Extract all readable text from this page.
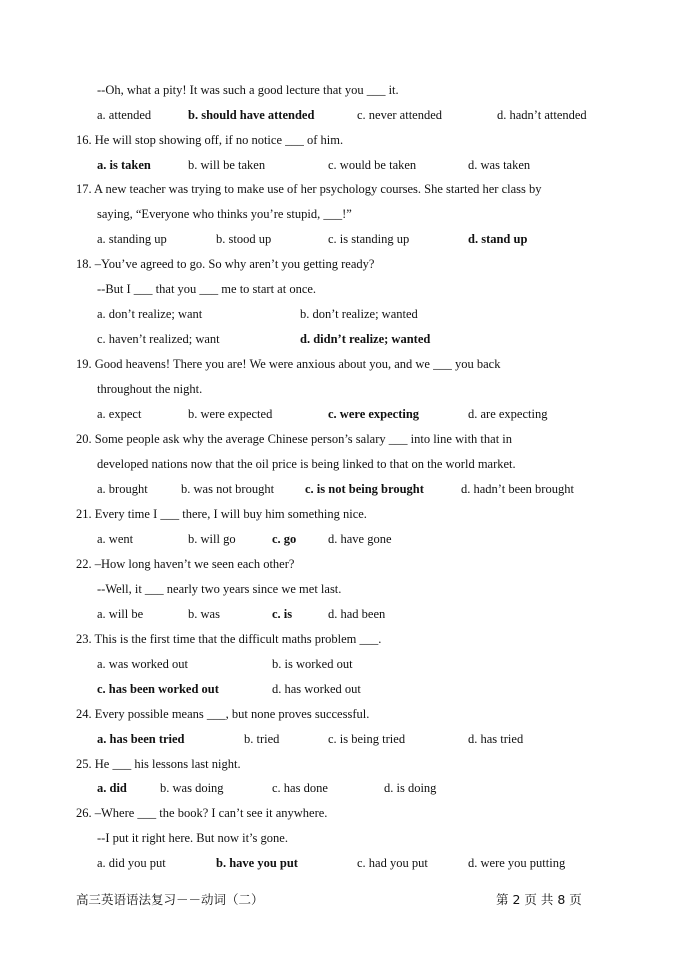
--Oh, what a pity! It was such a good lecture that you ___ it.
a. attended	b. should have attended	c. never attended	d. hadn’t attended
16. He will stop showing off, if no notice ___ of him.
a. is taken	b. will be taken	c. would be taken	d. was taken
17. A new teacher was trying to make use of her psychology courses. She started her class by
saying, “Everyone who thinks you’re stupid, ___!”
a. standing up	b. stood up	c. is standing up	d. stand up
18. –You’ve agreed to go. So why aren’t you getting ready?
--But I ___ that you ___ me to start at once.
a. don’t realize; want	b. don’t realize; wanted
c. haven’t realized; want	d. didn’t realize; wanted
19. Good heavens! There you are! We were anxious about you, and we ___ you back
throughout the night.
a. expect	b. were expected	c. were expecting	d. are expecting
20. Some people ask why the average Chinese person’s salary ___ into line with that in
developed nations now that the oil price is being linked to that on the world market.
a. brought	b. was not brought c. is not being brought	d. hadn’t been brought
21. Every time I ___ there, I will buy him something nice.
a. went	b. will go	c. go	d. have gone
22. –How long haven’t we seen each other?
--Well, it ___ nearly two years since we met last.
a. will be	b. was	c. is	d. had been
23. This is the first time that the difficult maths problem ___.
a. was worked out	b. is worked out
c. has been worked out	d. has worked out
24. Every possible means ___, but none proves successful.
a. has been tried	b. tried	c. is being tried	d. has tried
25. He ___ his lessons last night.
a. did	b. was doing	c. has done	d. is doing
26. –Where ___ the book? I can’t see it anywhere.
--I put it right here. But now it’s gone.
a. did you put	b. have you put	c. had you put	d. were you putting
高三英语语法复习－－动词（二）	第 2 页 共 8 页
